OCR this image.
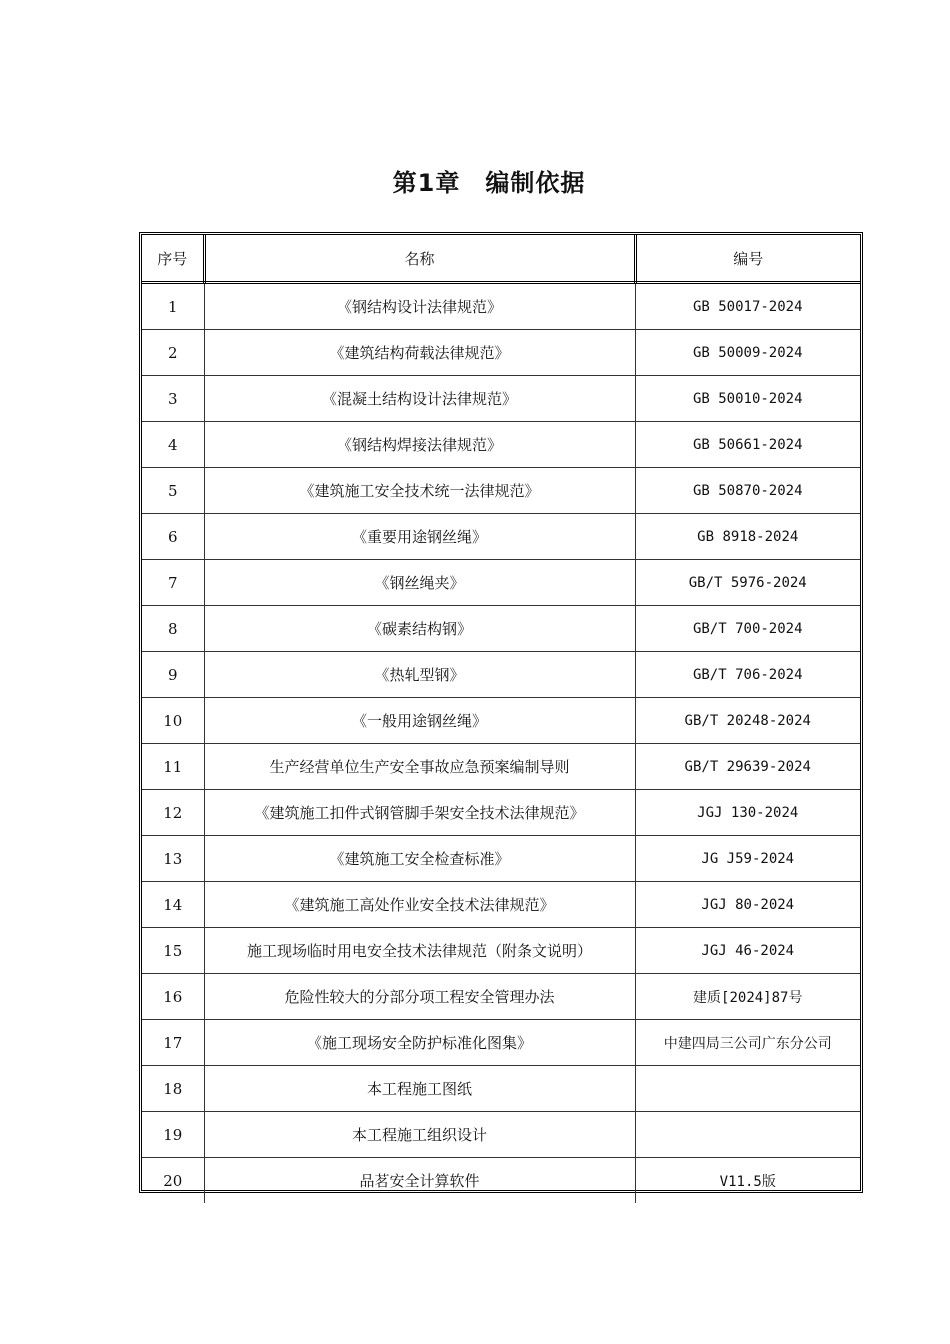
第1章　编制依据
序号	名称	编号
1	《钢结构设计法律规范》	GB 50017-2024
2	《建筑结构荷载法律规范》	GB 50009-2024
3	《混凝土结构设计法律规范》	GB 50010-2024
4	《钢结构焊接法律规范》	GB 50661-2024
5	《建筑施工安全技术统一法律规范》	GB 50870-2024
6	《重要用途钢丝绳》	GB 8918-2024
7	《钢丝绳夹》	GB/T 5976-2024
8	《碳素结构钢》	GB/T 700-2024
9	《热轧型钢》	GB/T 706-2024
10	《一般用途钢丝绳》	GB/T 20248-2024
11	生产经营单位生产安全事故应急预案编制导则	GB/T 29639-2024
12	《建筑施工扣件式钢管脚手架安全技术法律规范》	JGJ 130-2024
13	《建筑施工安全检查标准》	JG J59-2024
14	《建筑施工高处作业安全技术法律规范》	JGJ 80-2024
15	施工现场临时用电安全技术法律规范（附条文说明）	JGJ 46-2024
16	危险性较大的分部分项工程安全管理办法	建质[2024]87号
17	《施工现场安全防护标准化图集》	中建四局三公司广东分公司
18	本工程施工图纸	
19	本工程施工组织设计	
20	品茗安全计算软件	V11.5版
